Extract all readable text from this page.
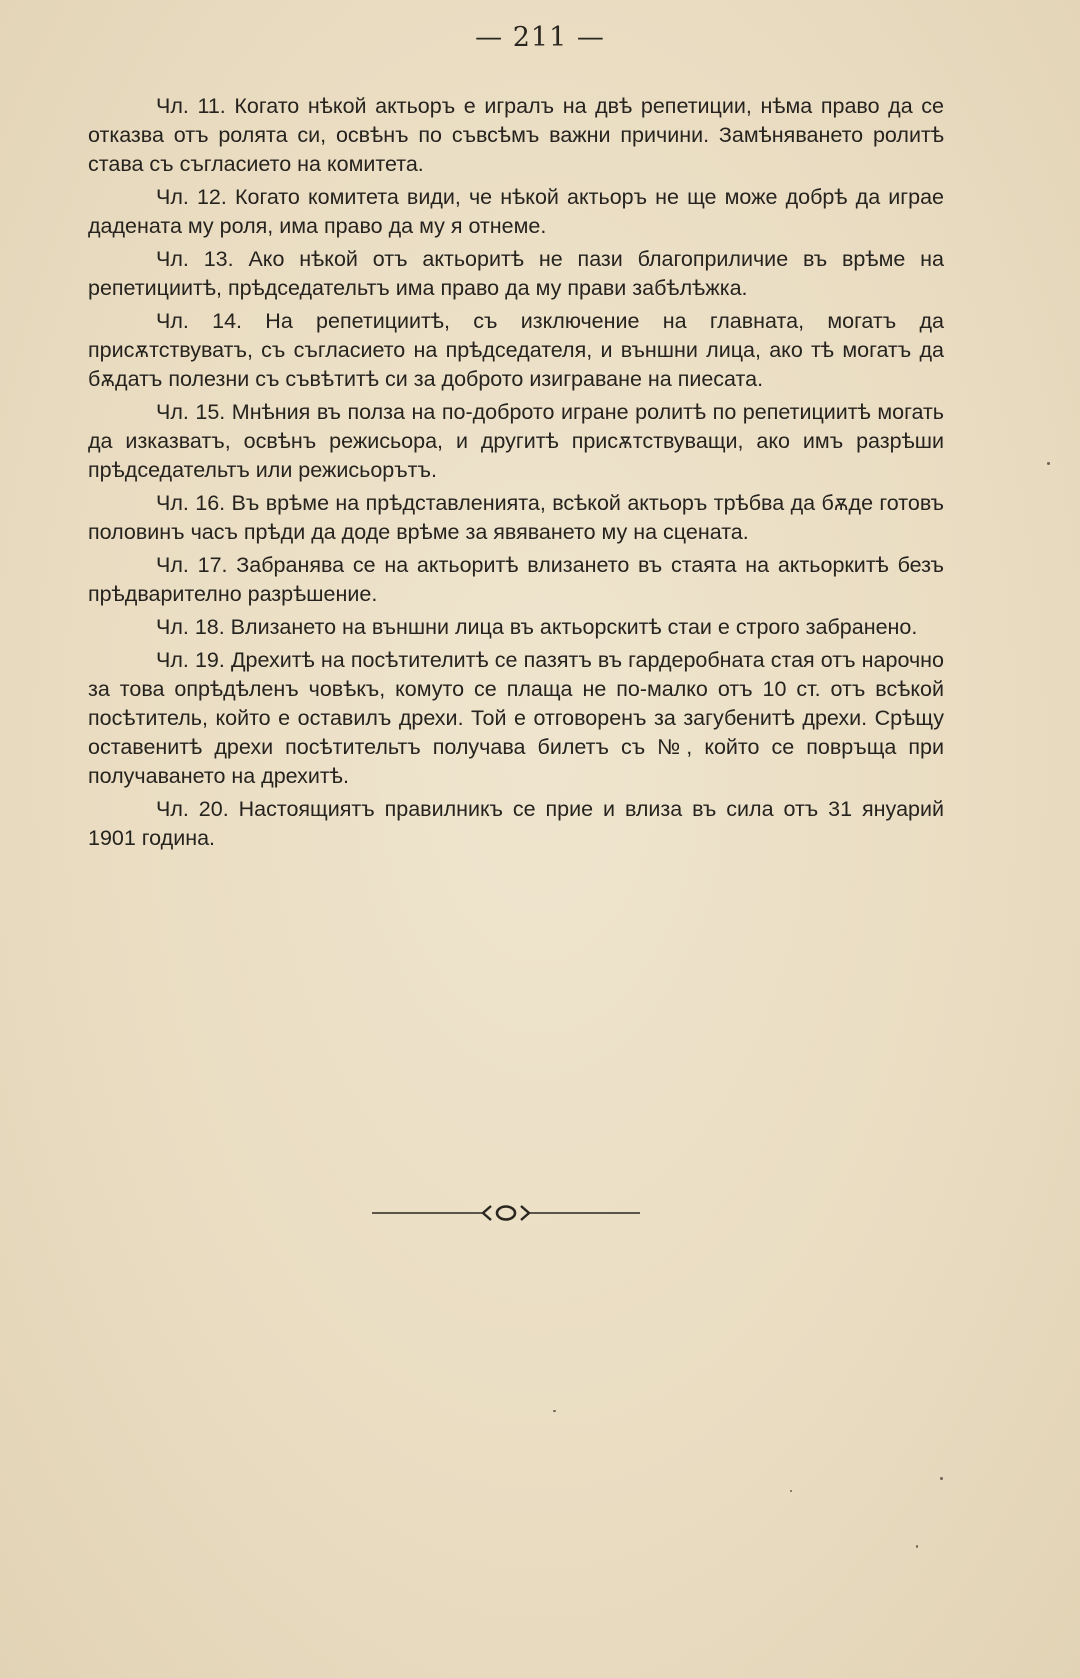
— 211 —

Чл. 11. Когато нѣкой актьоръ е игралъ на двѣ репетиции, нѣма право да се отказва отъ ролята си, освѣнъ по съвсѣмъ важни причини. Замѣняването ролитѣ става съ съгласието на комитета.

Чл. 12. Когато комитета види, че нѣкой актьоръ не ще може добрѣ да играе дадената му роля, има право да му я отнеме.

Чл. 13. Ако нѣкой отъ актьоритѣ не пази благоприличие въ врѣме на репетициитѣ, прѣдседательтъ има право да му прави забѣлѣжка.

Чл. 14. На репетициитѣ, съ изключение на главната, могатъ да присѫтствуватъ, съ съгласието на прѣдседателя, и външни лица, ако тѣ могатъ да бѫдатъ полезни съ съвѣтитѣ си за доброто изиграване на пиесата.

Чл. 15. Мнѣния въ полза на по-доброто игране ролитѣ по репетициитѣ могать да изказватъ, освѣнъ режисьора, и другитѣ присѫтствуващи, ако имъ разрѣши прѣдседательтъ или режисьорътъ.

Чл. 16. Въ врѣме на прѣдставленията, всѣкой актьоръ трѣбва да бѫде готовъ половинъ часъ прѣди да доде врѣме за явяването му на сцената.

Чл. 17. Забранява се на актьоритѣ влизането въ стаята на актьоркитѣ безъ прѣдварително разрѣшение.

Чл. 18. Влизането на външни лица въ актьорскитѣ стаи е строго забранено.

Чл. 19. Дрехитѣ на посѣтителитѣ се пазятъ въ гардеробната стая отъ нарочно за това опрѣдѣленъ човѣкъ, комуто се плаща не по-малко отъ 10 ст. отъ всѣкой посѣтитель, който е оставилъ дрехи. Той е отговоренъ за загубенитѣ дрехи. Срѣщу оставенитѣ дрехи посѣтительтъ получава билетъ съ №, който се повръща при получаването на дрехитѣ.

Чл. 20. Настоящиятъ правилникъ се прие и влиза въ сила отъ 31 януарий 1901 година.
